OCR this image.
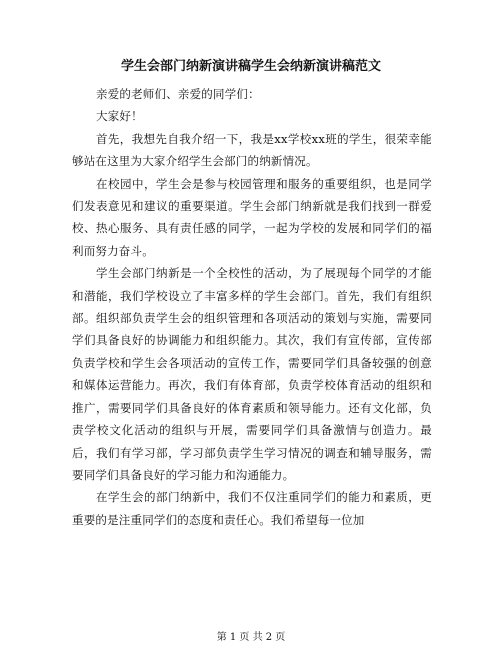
学生会部门纳新演讲稿学生会纳新演讲稿范文

亲爱的老师们、亲爱的同学们：

大家好！

首先，我想先自我介绍一下，我是xx学校xx班的学生，很荣幸能够站在这里为大家介绍学生会部门的纳新情况。

在校园中，学生会是参与校园管理和服务的重要组织，也是同学们发表意见和建议的重要渠道。学生会部门纳新就是我们找到一群爱校、热心服务、具有责任感的同学，一起为学校的发展和同学们的福利而努力奋斗。

学生会部门纳新是一个全校性的活动，为了展现每个同学的才能和潜能，我们学校设立了丰富多样的学生会部门。首先，我们有组织部。组织部负责学生会的组织管理和各项活动的策划与实施，需要同学们具备良好的协调能力和组织能力。其次，我们有宣传部，宣传部负责学校和学生会各项活动的宣传工作，需要同学们具备较强的创意和媒体运营能力。再次，我们有体育部，负责学校体育活动的组织和推广，需要同学们具备良好的体育素质和领导能力。还有文化部，负责学校文化活动的组织与开展，需要同学们具备激情与创造力。最后，我们有学习部，学习部负责学生学习情况的调查和辅导服务，需要同学们具备良好的学习能力和沟通能力。

在学生会的部门纳新中，我们不仅注重同学们的能力和素质，更重要的是注重同学们的态度和责任心。我们希望每一位加

第 1 页 共 2 页
